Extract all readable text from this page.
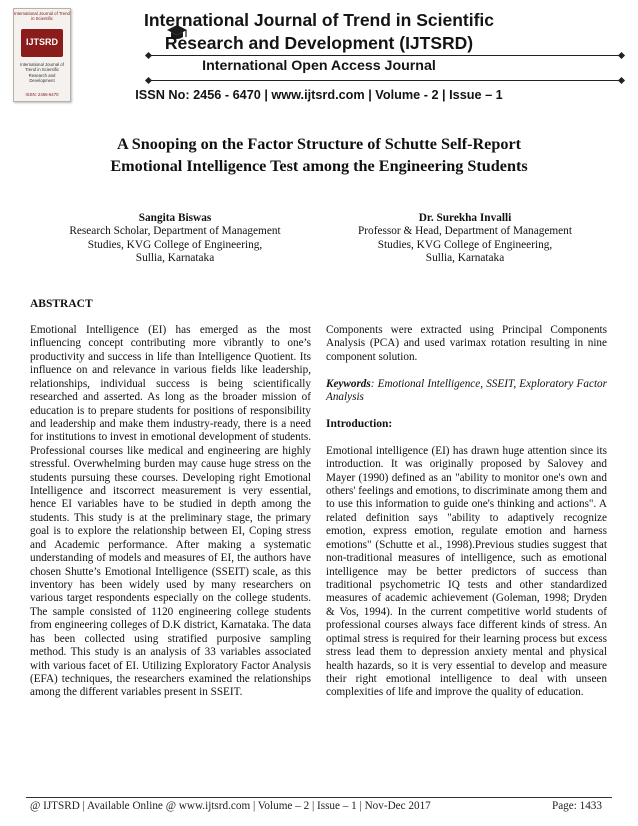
International Journal of Trend in Scientific
IJTSRD
International Journal of Trend in Scientific Research and Development
ISSN: 2456-6470
International Journal of Trend in Scientific
Research and Development (IJTSRD)
International Open Access Journal
ISSN No: 2456 - 6470 | www.ijtsrd.com | Volume - 2 | Issue – 1
A Snooping on the Factor Structure of Schutte Self-Report
Emotional Intelligence Test among the Engineering Students
Sangita Biswas
Research Scholar, Department of Management
Studies, KVG College of Engineering,
Sullia, Karnataka
Dr. Surekha Invalli
Professor & Head, Department of Management
Studies, KVG College of Engineering,
Sullia, Karnataka
ABSTRACT

Emotional Intelligence (EI) has emerged as the most influencing concept contributing more vibrantly to one’s productivity and success in life than Intelligence Quotient. Its influence on and relevance in various fields like leadership, relationships, individual success is being scientifically researched and asserted. As long as the broader mission of education is to prepare students for positions of responsibility and leadership and make them industry-ready, there is a need for institutions to invest in emotional development of students. Professional courses like medical and engineering are highly stressful. Overwhelming burden may cause huge stress on the students pursuing these courses. Developing right Emotional Intelligence and itscorrect measurement is very essential, hence EI variables have to be studied in depth among the students. This study is at the preliminary stage, the primary goal is to explore the relationship between EI, Coping stress and Academic performance. After making a systematic understanding of models and measures of EI, the authors have chosen Shutte’s Emotional Intelligence (SSEIT) scale, as this inventory has been widely used by many researchers on various target respondents especially on the college students. The sample consisted of 1120 engineering college students from engineering colleges of D.K district, Karnataka. The data has been collected using stratified purposive sampling method. This study is an analysis of 33 variables associated with various facet of EI. Utilizing Exploratory Factor Analysis (EFA) techniques, the researchers examined the relationships among the different variables present in SSEIT.

Components were extracted using Principal Components Analysis (PCA) and used varimax rotation resulting in nine component solution.

Keywords: Emotional Intelligence, SSEIT, Exploratory Factor Analysis

Introduction:

Emotional intelligence (EI) has drawn huge attention since its introduction. It was originally proposed by Salovey and Mayer (1990) defined as an "ability to monitor one's own and others' feelings and emotions, to discriminate among them and to use this information to guide one's thinking and actions". A related definition says "ability to adaptively recognize emotion, express emotion, regulate emotion and harness emotions" (Schutte et al., 1998).Previous studies suggest that non-traditional measures of intelligence, such as emotional intelligence may be better predictors of success than traditional psychometric IQ tests and other standardized measures of academic achievement (Goleman, 1998; Dryden & Vos, 1994). In the current competitive world students of professional courses always face different kinds of stress. An optimal stress is required for their learning process but excess stress lead them to depression anxiety mental and physical health hazards, so it is very essential to develop and measure their right emotional intelligence to deal with unseen complexities of life and improve the quality of education.

@ IJTSRD | Available Online @ www.ijtsrd.com | Volume – 2 | Issue – 1 | Nov-Dec 2017	Page: 1433
